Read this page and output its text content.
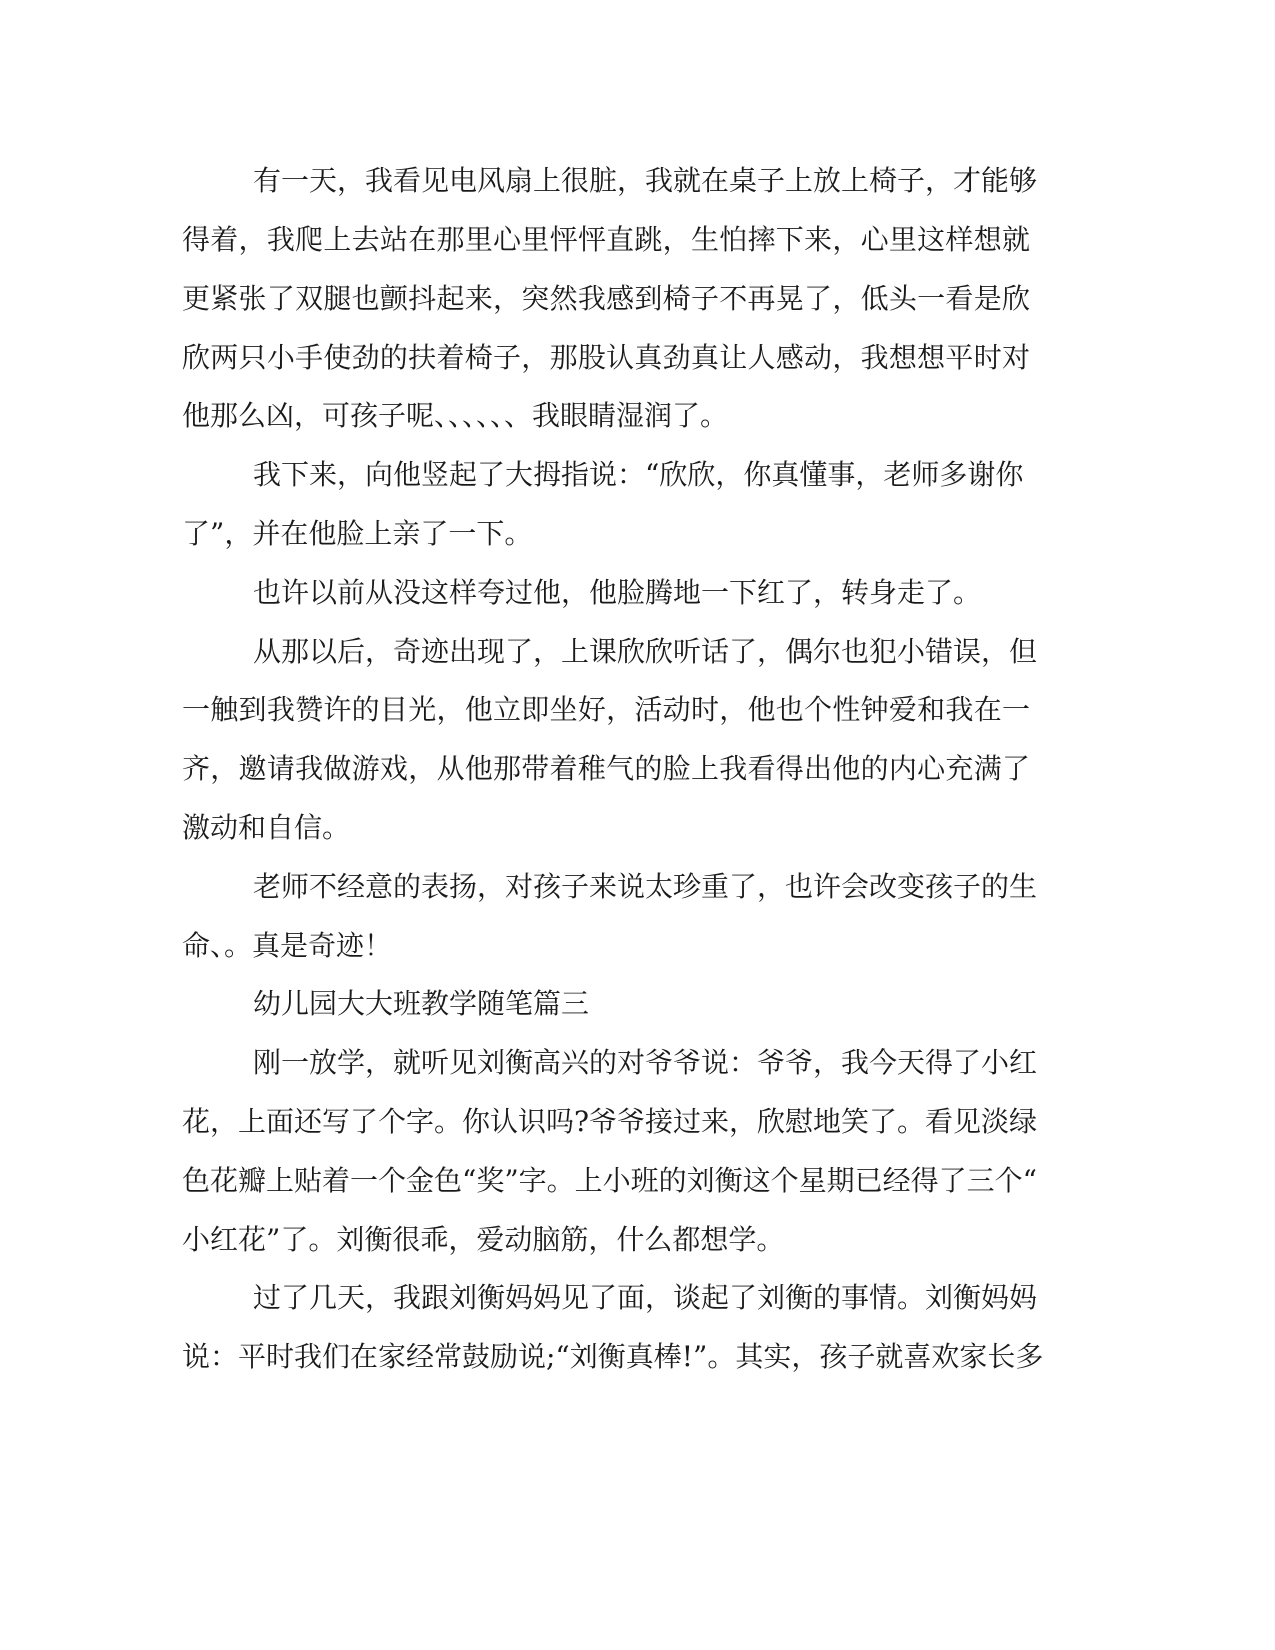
有一天，我看见电风扇上很脏，我就在桌子上放上椅子，才能够
得着，我爬上去站在那里心里怦怦直跳，生怕摔下来，心里这样想就
更紧张了双腿也颤抖起来，突然我感到椅子不再晃了，低头一看是欣
欣两只小手使劲的扶着椅子，那股认真劲真让人感动，我想想平时对
他那么凶，可孩子呢、、、、、、我眼睛湿润了。
我下来，向他竖起了大拇指说：“欣欣，你真懂事，老师多谢你
了”，并在他脸上亲了一下。
也许以前从没这样夸过他，他脸腾地一下红了，转身走了。
从那以后，奇迹出现了，上课欣欣听话了，偶尔也犯小错误，但
一触到我赞许的目光，他立即坐好，活动时，他也个性钟爱和我在一
齐，邀请我做游戏，从他那带着稚气的脸上我看得出他的内心充满了
激动和自信。
老师不经意的表扬，对孩子来说太珍重了，也许会改变孩子的生
命、。真是奇迹！
幼儿园大大班教学随笔篇三
刚一放学，就听见刘衡高兴的对爷爷说：爷爷，我今天得了小红
花，上面还写了个字。你认识吗?爷爷接过来，欣慰地笑了。看见淡绿
色花瓣上贴着一个金色“奖”字。上小班的刘衡这个星期已经得了三个“
小红花”了。刘衡很乖，爱动脑筋，什么都想学。
过了几天，我跟刘衡妈妈见了面，谈起了刘衡的事情。刘衡妈妈
说：平时我们在家经常鼓励说;“刘衡真棒!”。其实，孩子就喜欢家长多
